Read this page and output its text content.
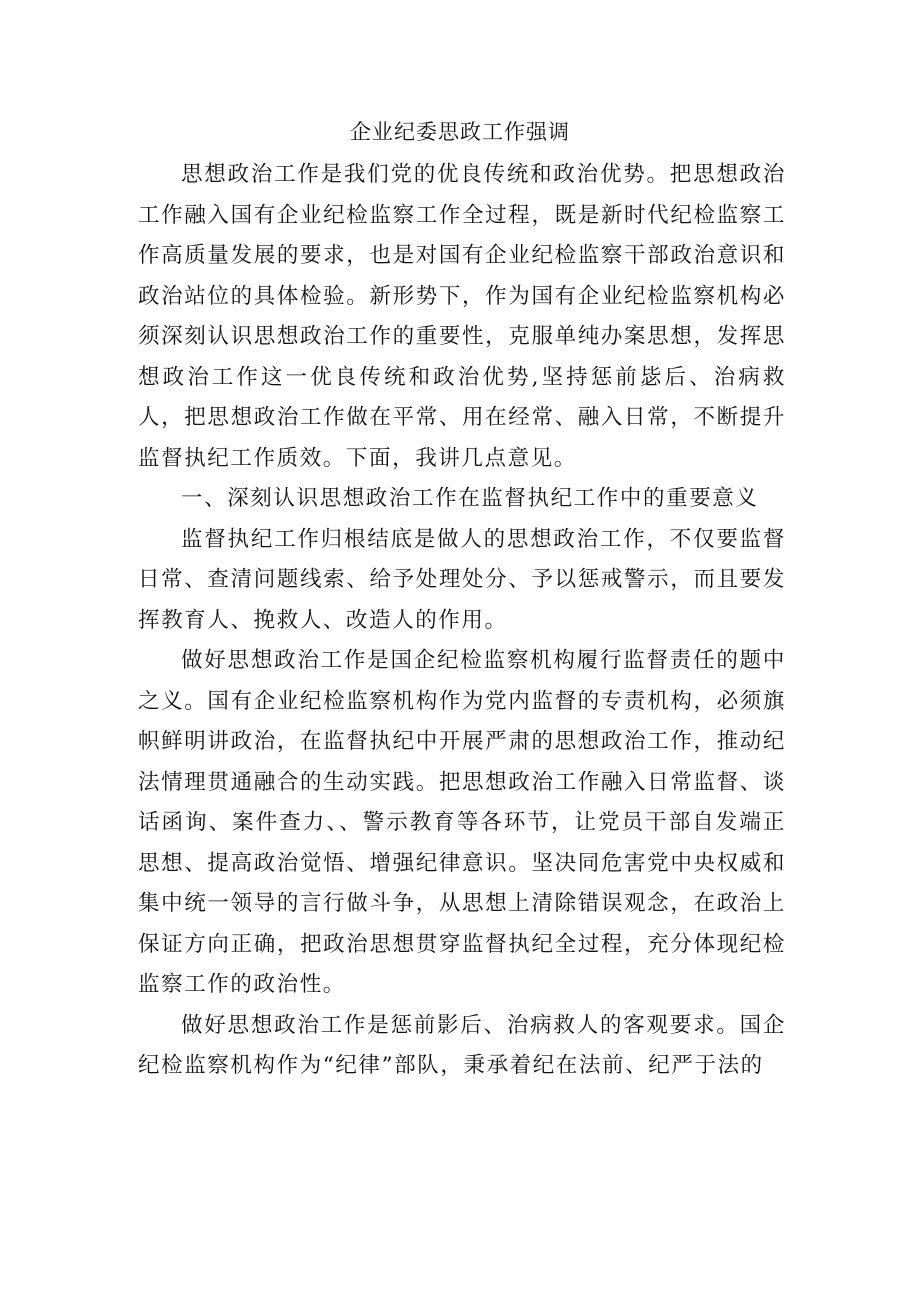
企业纪委思政工作强调

思想政治工作是我们党的优良传统和政治优势。把思想政治工作融入国有企业纪检监察工作全过程，既是新时代纪检监察工作高质量发展的要求，也是对国有企业纪检监察干部政治意识和政治站位的具体检验。新形势下，作为国有企业纪检监察机构必须深刻认识思想政治工作的重要性，克服单纯办案思想，发挥思想政治工作这一优良传统和政治优势,坚持惩前毖后、治病救人，把思想政治工作做在平常、用在经常、融入日常，不断提升监督执纪工作质效。下面，我讲几点意见。

一、深刻认识思想政治工作在监督执纪工作中的重要意义

监督执纪工作归根结底是做人的思想政治工作，不仅要监督日常、查清问题线索、给予处理处分、予以惩戒警示，而且要发挥教育人、挽救人、改造人的作用。

做好思想政治工作是国企纪检监察机构履行监督责任的题中之义。国有企业纪检监察机构作为党内监督的专责机构，必须旗帜鲜明讲政治，在监督执纪中开展严肃的思想政治工作，推动纪法情理贯通融合的生动实践。把思想政治工作融入日常监督、谈话函询、案件查力、、警示教育等各环节，让党员干部自发端正思想、提高政治觉悟、增强纪律意识。坚决同危害党中央权威和集中统一领导的言行做斗争，从思想上清除错误观念，在政治上保证方向正确，把政治思想贯穿监督执纪全过程，充分体现纪检监察工作的政治性。

做好思想政治工作是惩前影后、治病救人的客观要求。国企纪检监察机构作为“纪律”部队，秉承着纪在法前、纪严于法的
